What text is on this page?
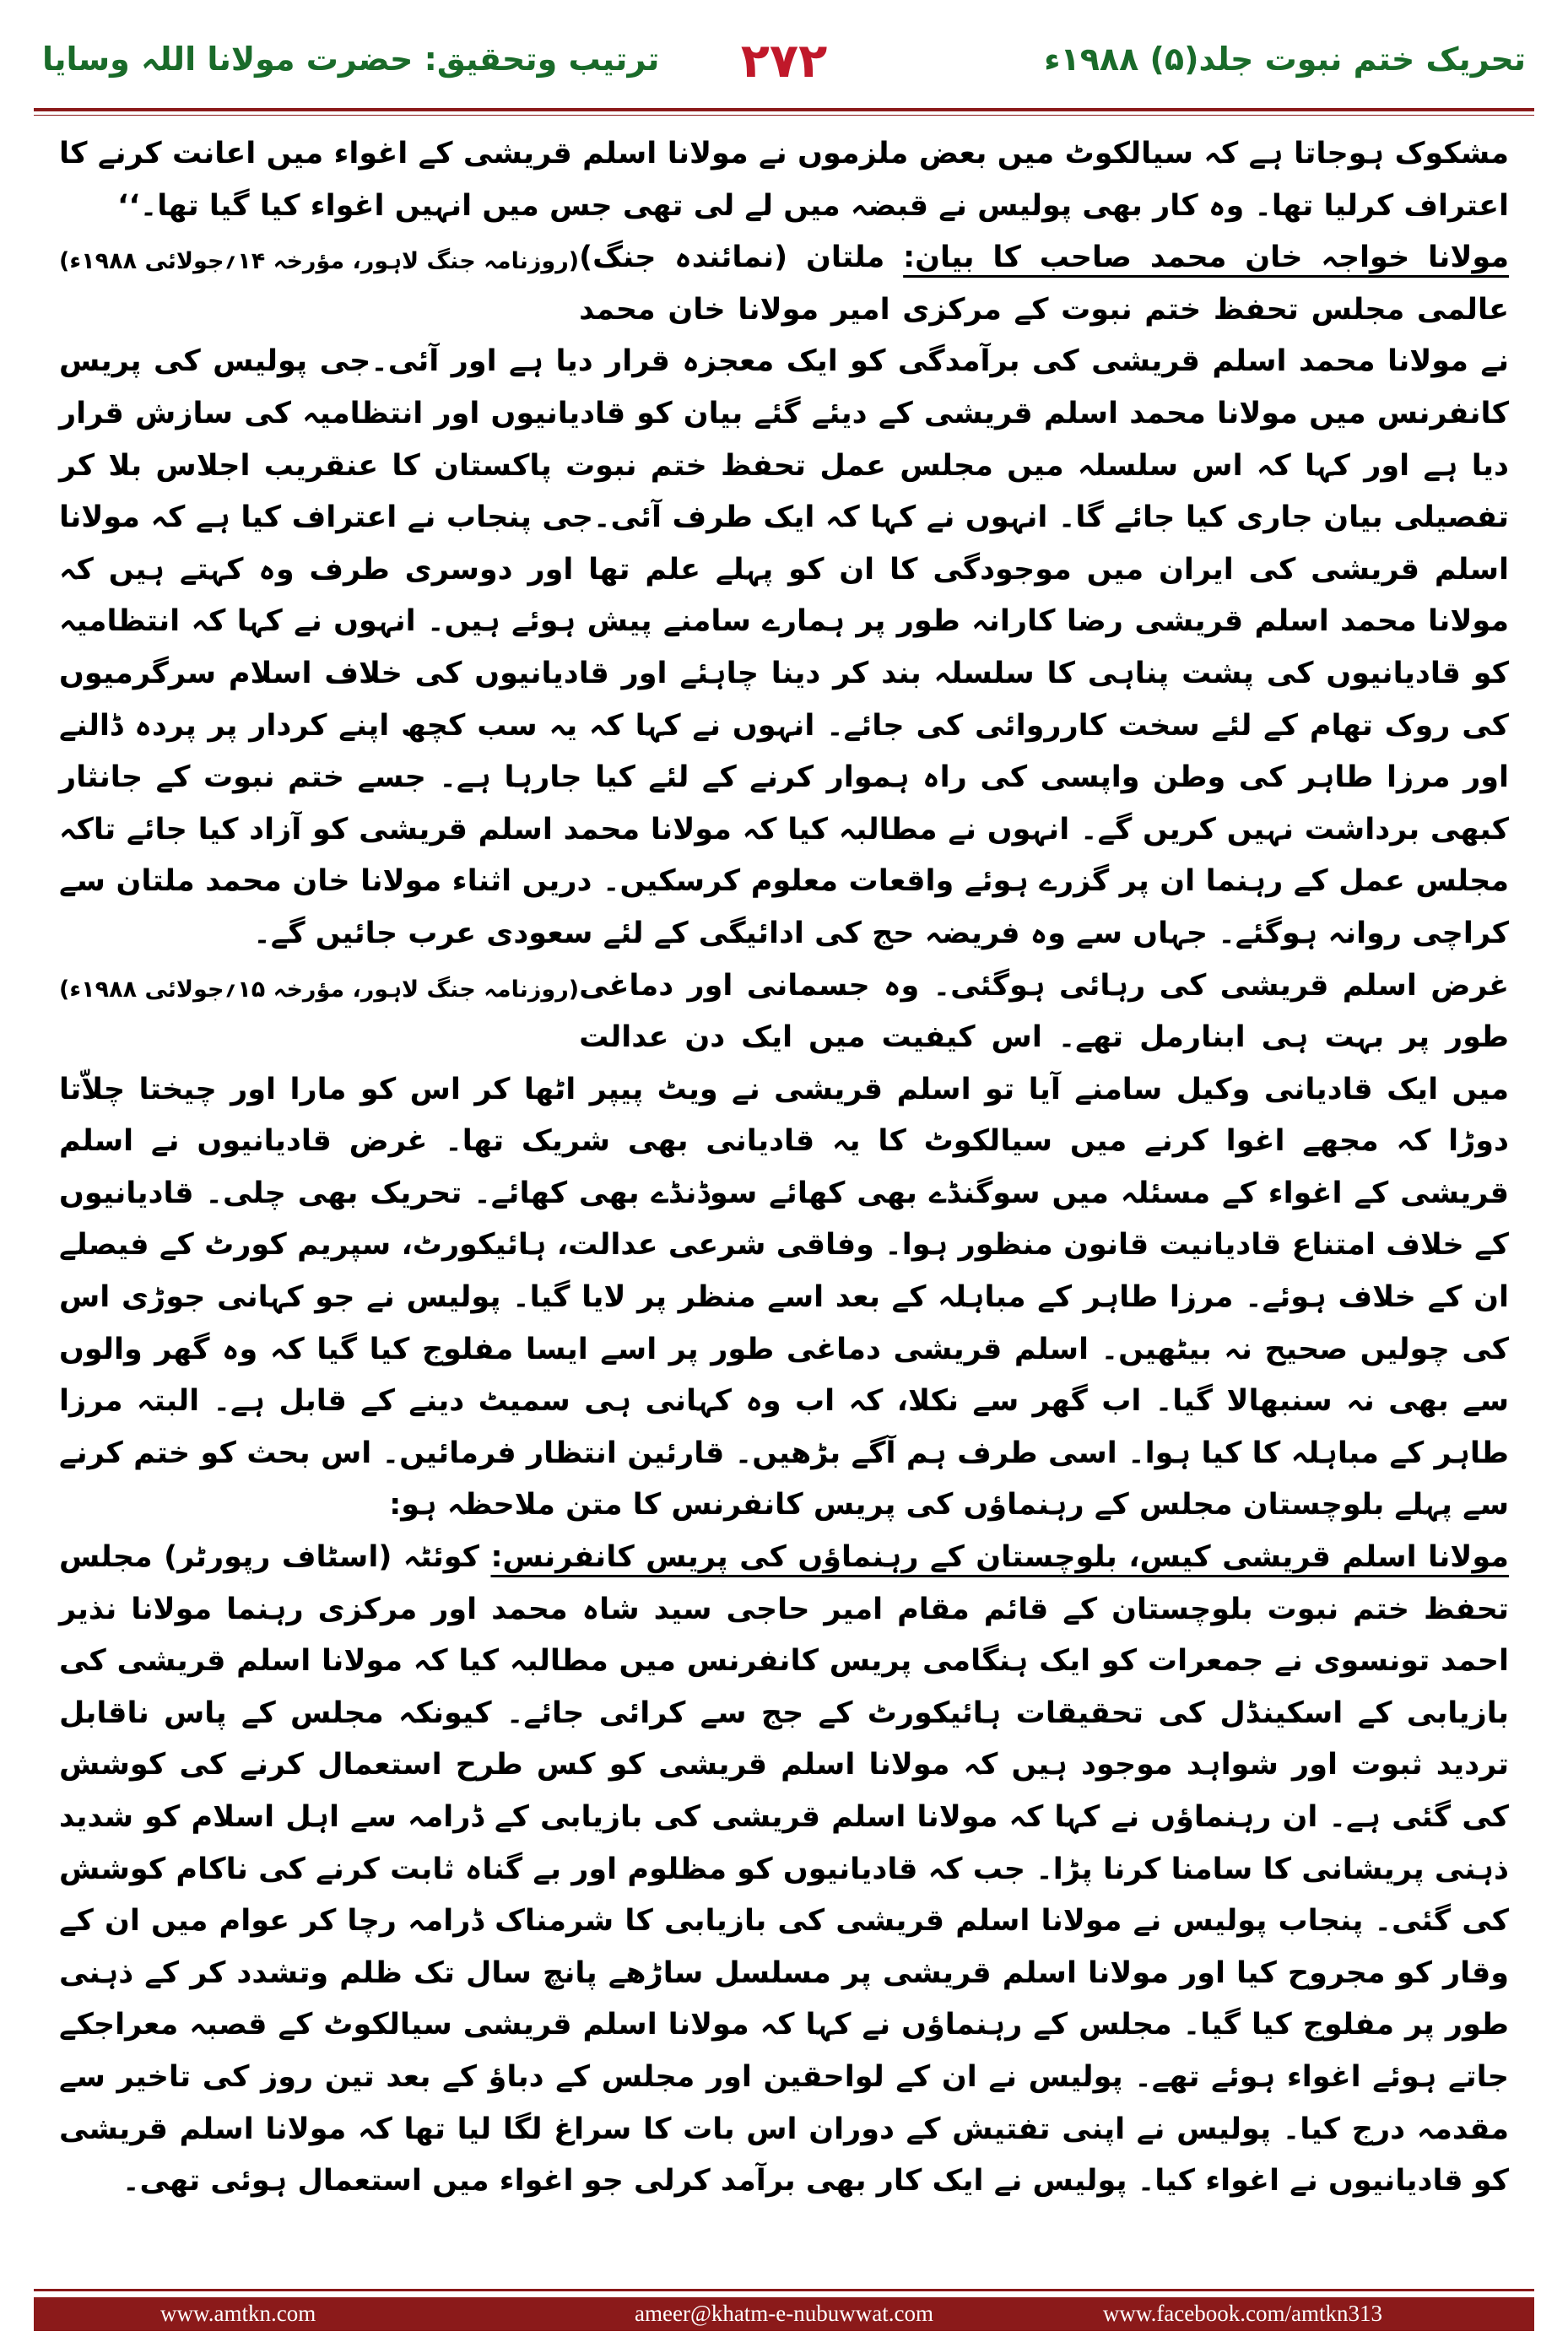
تحریک ختم نبوت جلد(۵) ۱۹۸۸ء
۲۷۲
ترتیب وتحقیق: حضرت مولانا اللہ وسایا

مشکوک ہوجاتا ہے کہ سیالکوٹ میں بعض ملزموں نے مولانا اسلم قریشی کے اغواء میں اعانت کرنے کا اعتراف کرلیا تھا۔ وہ کار بھی پولیس نے قبضہ میں لے لی تھی جس میں انہیں اغواء کیا گیا تھا۔‘‘
(روزنامہ جنگ لاہور، مؤرخہ ۱۴؍جولائی ۱۹۸۸ء)	مولانا خواجہ خان محمد صاحب کا بیان: ملتان (نمائندہ جنگ) عالمی مجلس تحفظ ختم نبوت کے مرکزی امیر مولانا خان محمد نے مولانا محمد اسلم قریشی کی برآمدگی کو ایک معجزہ قرار دیا ہے اور آئی۔جی پولیس کی پریس کانفرنس میں مولانا محمد اسلم قریشی کے دیئے گئے بیان کو قادیانیوں اور انتظامیہ کی سازش قرار دیا ہے اور کہا کہ اس سلسلہ میں مجلس عمل تحفظ ختم نبوت پاکستان کا عنقریب اجلاس بلا کر تفصیلی بیان جاری کیا جائے گا۔ انہوں نے کہا کہ ایک طرف آئی۔جی پنجاب نے اعتراف کیا ہے کہ مولانا اسلم قریشی کی ایران میں موجودگی کا ان کو پہلے علم تھا اور دوسری طرف وہ کہتے ہیں کہ مولانا محمد اسلم قریشی رضا کارانہ طور پر ہمارے سامنے پیش ہوئے ہیں۔ انہوں نے کہا کہ انتظامیہ کو قادیانیوں کی پشت پناہی کا سلسلہ بند کر دینا چاہئے اور قادیانیوں کی خلاف اسلام سرگرمیوں کی روک تھام کے لئے سخت کارروائی کی جائے۔ انہوں نے کہا کہ یہ سب کچھ اپنے کردار پر پردہ ڈالنے اور مرزا طاہر کی وطن واپسی کی راہ ہموار کرنے کے لئے کیا جارہا ہے۔ جسے ختم نبوت کے جانثار کبھی برداشت نہیں کریں گے۔ انہوں نے مطالبہ کیا کہ مولانا محمد اسلم قریشی کو آزاد کیا جائے تاکہ مجلس عمل کے رہنما ان پر گزرے ہوئے واقعات معلوم کرسکیں۔ دریں اثناء مولانا خان محمد ملتان سے کراچی روانہ ہوگئے۔ جہاں سے وہ فریضہ حج کی ادائیگی کے لئے سعودی عرب جائیں گے۔
(روزنامہ جنگ لاہور، مؤرخہ ۱۵؍جولائی ۱۹۸۸ء) غرض اسلم قریشی کی رہائی ہوگئی۔ وہ جسمانی اور دماغی طور پر بہت ہی ابنارمل تھے۔ اس کیفیت میں ایک دن عدالت میں ایک قادیانی وکیل سامنے آیا تو اسلم قریشی نے ویٹ پیپر اٹھا کر اس کو مارا اور چیختا چلاّتا دوڑا کہ مجھے اغوا کرنے میں سیالکوٹ کا یہ قادیانی بھی شریک تھا۔ غرض قادیانیوں نے اسلم قریشی کے اغواء کے مسئلہ میں سوگنڈے بھی کھائے سوڈنڈے بھی کھائے۔ تحریک بھی چلی۔ قادیانیوں کے خلاف امتناع قادیانیت قانون منظور ہوا۔ وفاقی شرعی عدالت، ہائیکورٹ، سپریم کورٹ کے فیصلے ان کے خلاف ہوئے۔ مرزا طاہر کے مباہلہ کے بعد اسے منظر پر لایا گیا۔ پولیس نے جو کہانی جوڑی اس کی چولیں صحیح نہ بیٹھیں۔ اسلم قریشی دماغی طور پر اسے ایسا مفلوج کیا گیا کہ وہ گھر والوں سے بھی نہ سنبھالا گیا۔ اب گھر سے نکلا، کہ اب وہ کہانی ہی سمیٹ دینے کے قابل ہے۔ البتہ مرزا طاہر کے مباہلہ کا کیا ہوا۔ اسی طرف ہم آگے بڑھیں۔ قارئین انتظار فرمائیں۔ اس بحث کو ختم کرنے سے پہلے بلوچستان مجلس کے رہنماؤں کی پریس کانفرنس کا متن ملاحظہ ہو:

مولانا اسلم قریشی کیس، بلوچستان کے رہنماؤں کی پریس کانفرنس: کوئٹہ (اسٹاف رپورٹر) مجلس تحفظ ختم نبوت بلوچستان کے قائم مقام امیر حاجی سید شاہ محمد اور مرکزی رہنما مولانا نذیر احمد تونسوی نے جمعرات کو ایک ہنگامی پریس کانفرنس میں مطالبہ کیا کہ مولانا اسلم قریشی کی بازیابی کے اسکینڈل کی تحقیقات ہائیکورٹ کے جج سے کرائی جائے۔ کیونکہ مجلس کے پاس ناقابل تردید ثبوت اور شواہد موجود ہیں کہ مولانا اسلم قریشی کو کس طرح استعمال کرنے کی کوشش کی گئی ہے۔ ان رہنماؤں نے کہا کہ مولانا اسلم قریشی کی بازیابی کے ڈرامہ سے اہل اسلام کو شدید ذہنی پریشانی کا سامنا کرنا پڑا۔ جب کہ قادیانیوں کو مظلوم اور بے گناہ ثابت کرنے کی ناکام کوشش کی گئی۔ پنجاب پولیس نے مولانا اسلم قریشی کی بازیابی کا شرمناک ڈرامہ رچا کر عوام میں ان کے وقار کو مجروح کیا اور مولانا اسلم قریشی پر مسلسل ساڑھے پانچ سال تک ظلم وتشدد کر کے ذہنی طور پر مفلوج کیا گیا۔ مجلس کے رہنماؤں نے کہا کہ مولانا اسلم قریشی سیالکوٹ کے قصبہ معراجکے جاتے ہوئے اغواء ہوئے تھے۔ پولیس نے ان کے لواحقین اور مجلس کے دباؤ کے بعد تین روز کی تاخیر سے مقدمہ درج کیا۔ پولیس نے اپنی تفتیش کے دوران اس بات کا سراغ لگا لیا تھا کہ مولانا اسلم قریشی کو قادیانیوں نے اغواء کیا۔ پولیس نے ایک کار بھی برآمد کرلی جو اغواء میں استعمال ہوئی تھی۔

www.amtkn.com	ameer@khatm-e-nubuwwat.com	www.facebook.com/amtkn313
